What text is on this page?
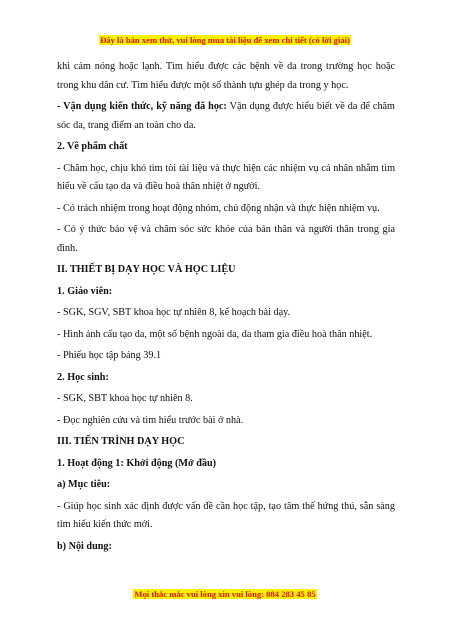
Đây là bản xem thử, vui lòng mua tài liệu để xem chi tiết (có lời giải)

khi cảm nóng hoặc lạnh. Tìm hiểu được các bệnh về da trong trường học hoặc trong khu dân cư. Tìm hiểu được một số thành tựu ghép da trong y học.

- Vận dụng kiến thức, kỹ năng đã học: Vận dụng được hiểu biết về da để chăm sóc da, trang điểm an toàn cho da.

2. Về phẩm chất

- Chăm học, chịu khó tìm tòi tài liệu và thực hiện các nhiệm vụ cá nhân nhằm tìm hiểu về cấu tạo da và điều hoà thân nhiệt ở người.

- Có trách nhiệm trong hoạt động nhóm, chủ động nhận và thực hiện nhiệm vụ.

- Có ý thức bảo vệ và chăm sóc sức khỏe của bản thân và người thân trong gia đình.

II. THIẾT BỊ DẠY HỌC VÀ HỌC LIỆU

1. Giáo viên:

- SGK, SGV, SBT khoa học tự nhiên 8, kế hoạch bài dạy.

- Hình ảnh cấu tạo da, một số bệnh ngoài da, da tham gia điều hoà thân nhiệt.

- Phiếu học tập bảng 39.1

2. Học sinh:

- SGK, SBT khoa học tự nhiên 8.

- Đọc nghiên cứu và tìm hiểu trước bài ở nhà.

III. TIẾN TRÌNH DẠY HỌC

1. Hoạt động 1: Khởi động (Mở đầu)

a) Mục tiêu:

- Giúp học sinh xác định được vấn đề cần học tập, tạo tâm thế hứng thú, sẵn sàng tìm hiểu kiến thức mới.

b) Nội dung:

Mọi thắc mắc vui lòng xin vui lòng: 084 283 45 85
